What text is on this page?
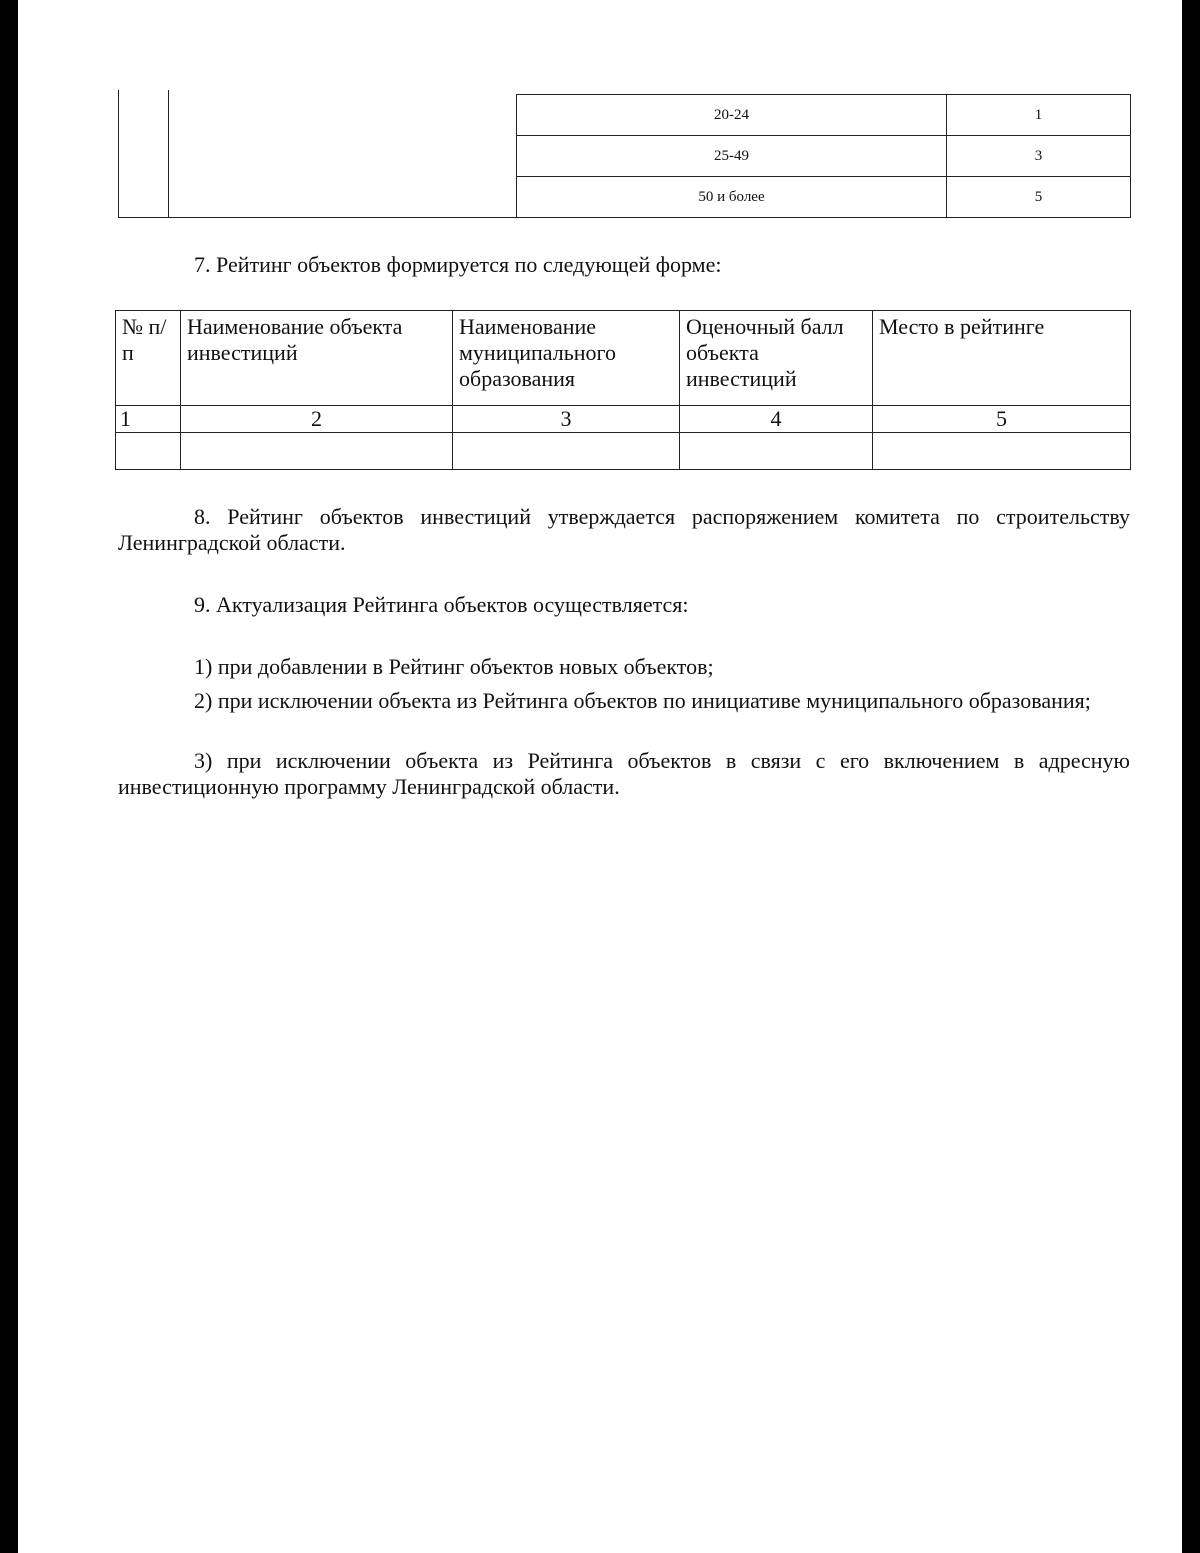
20-24	1
25-49	3
50 и более	5

7. Рейтинг объектов формируется по следующей форме:

№ п/п	Наименование объекта инвестиций	Наименование муниципального образования	Оценочный балл объекта инвестиций	Место в рейтинге
1	2	3	4	5

8. Рейтинг объектов инвестиций утверждается распоряжением комитета по строительству Ленинградской области.

9. Актуализация Рейтинга объектов осуществляется:

1) при добавлении в Рейтинг объектов новых объектов;

2) при исключении объекта из Рейтинга объектов по инициативе муниципального образования;

3) при исключении объекта из Рейтинга объектов в связи с его включением в адресную инвестиционную программу Ленинградской области.
